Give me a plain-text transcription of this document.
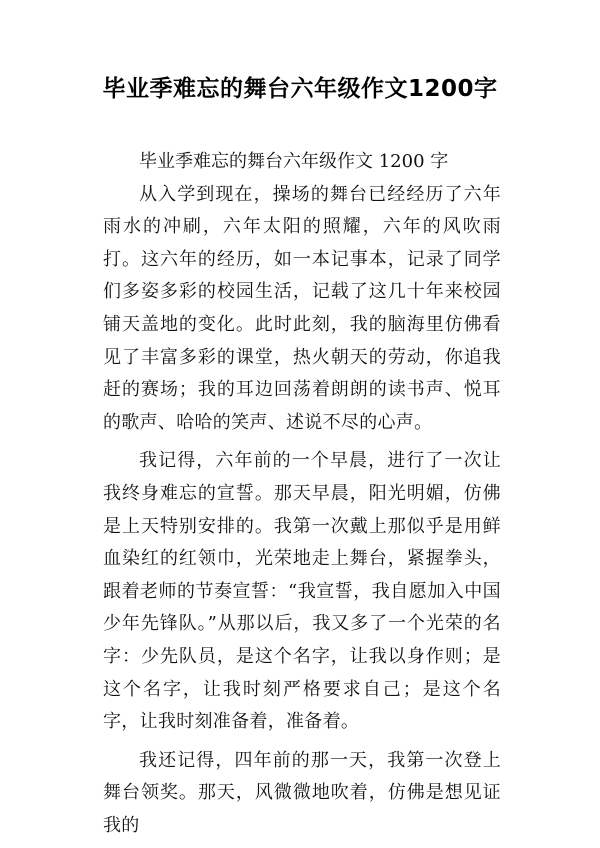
毕业季难忘的舞台六年级作文1200字

毕业季难忘的舞台六年级作文 1200 字

从入学到现在，操场的舞台已经经历了六年雨水的冲刷，六年太阳的照耀，六年的风吹雨打。这六年的经历，如一本记事本，记录了同学们多姿多彩的校园生活，记载了这几十年来校园铺天盖地的变化。此时此刻，我的脑海里仿佛看见了丰富多彩的课堂，热火朝天的劳动，你追我赶的赛场；我的耳边回荡着朗朗的读书声、悦耳的歌声、哈哈的笑声、述说不尽的心声。

我记得，六年前的一个早晨，进行了一次让我终身难忘的宣誓。那天早晨，阳光明媚，仿佛是上天特别安排的。我第一次戴上那似乎是用鲜血染红的红领巾，光荣地走上舞台，紧握拳头，跟着老师的节奏宣誓：“我宣誓，我自愿加入中国少年先锋队。”从那以后，我又多了一个光荣的名字：少先队员，是这个名字，让我以身作则；是这个名字，让我时刻严格要求自己；是这个名字，让我时刻准备着，准备着。

我还记得，四年前的那一天，我第一次登上舞台领奖。那天，风微微地吹着，仿佛是想见证我的
